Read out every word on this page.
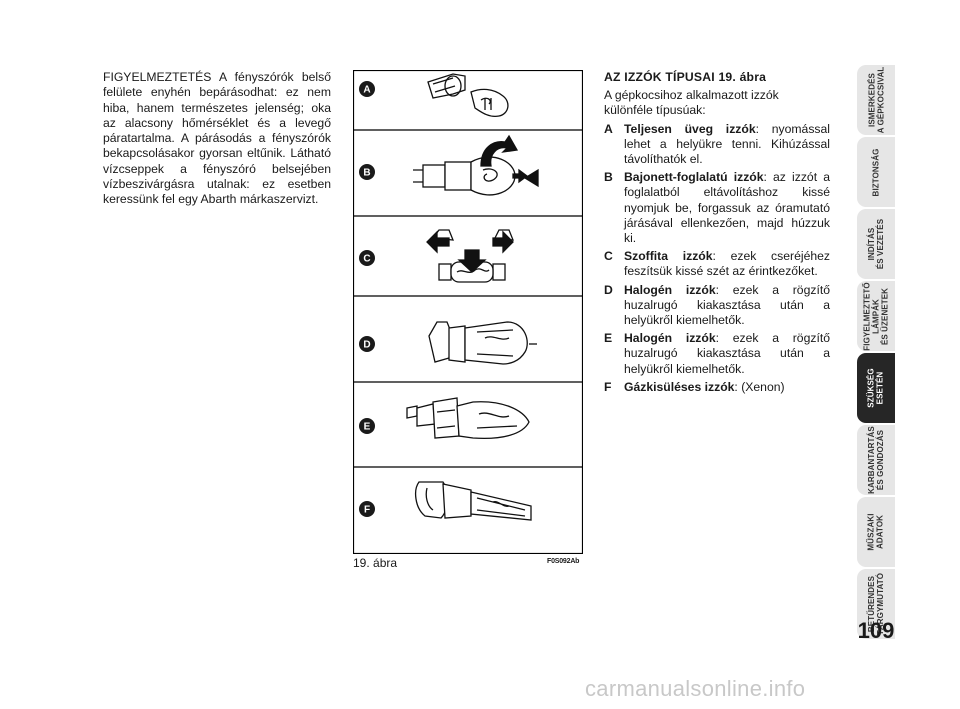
FIGYELMEZTETÉS A fényszórók belső felülete enyhén bepárásodhat: ez nem hiba, hanem természetes jelenség; oka az alacsony hőmérséklet és a levegő páratartalma. A párásodás a fényszórók bekapcsolásakor gyorsan eltűnik. Látható vízcseppek a fényszóró belsejében vízbeszivárgásra utalnak: ez esetben keressünk fel egy Abarth márkaszervizt.
A
B
C
D
E
F
19. ábra	F0S092Ab
AZ IZZÓK TÍPUSAI 19. ábra

A gépkocsihoz alkalmazott izzók különféle típusúak:

A Teljesen üveg izzók: nyomással lehet a helyükre tenni. Kihúzással távolíthatók el.
B Bajonett-foglalatú izzók: az izzót a foglalatból eltávolításhoz kissé nyomjuk be, forgassuk az óramutató járásával ellenkezően, majd húzzuk ki.
C Szoffita izzók: ezek cseréjéhez feszítsük kissé szét az érintkezőket.
D Halogén izzók: ezek a rögzítő huzalrugó kiakasztása után a helyükről kiemelhetők.
E Halogén izzók: ezek a rögzítő huzalrugó kiakasztása után a helyükről kiemelhetők.
F	Gázkisüléses izzók: (Xenon)
ISMERKEDÉS
A GÉPKOCSIVAL
BIZTONSÁG
INDÍTÁS
ÉS VEZETÉS
FIGYELMEZTETŐ
LÁMPÁK
ÉS ÜZENETEK
SZÜKSÉG
ESETÉN
KARBANTARTÁS
ÉS GONDOZÁS
MŰSZAKI
ADATOK
BETŰRENDES
TÁRGYMUTATÓ
109
carmanualsonline.info
